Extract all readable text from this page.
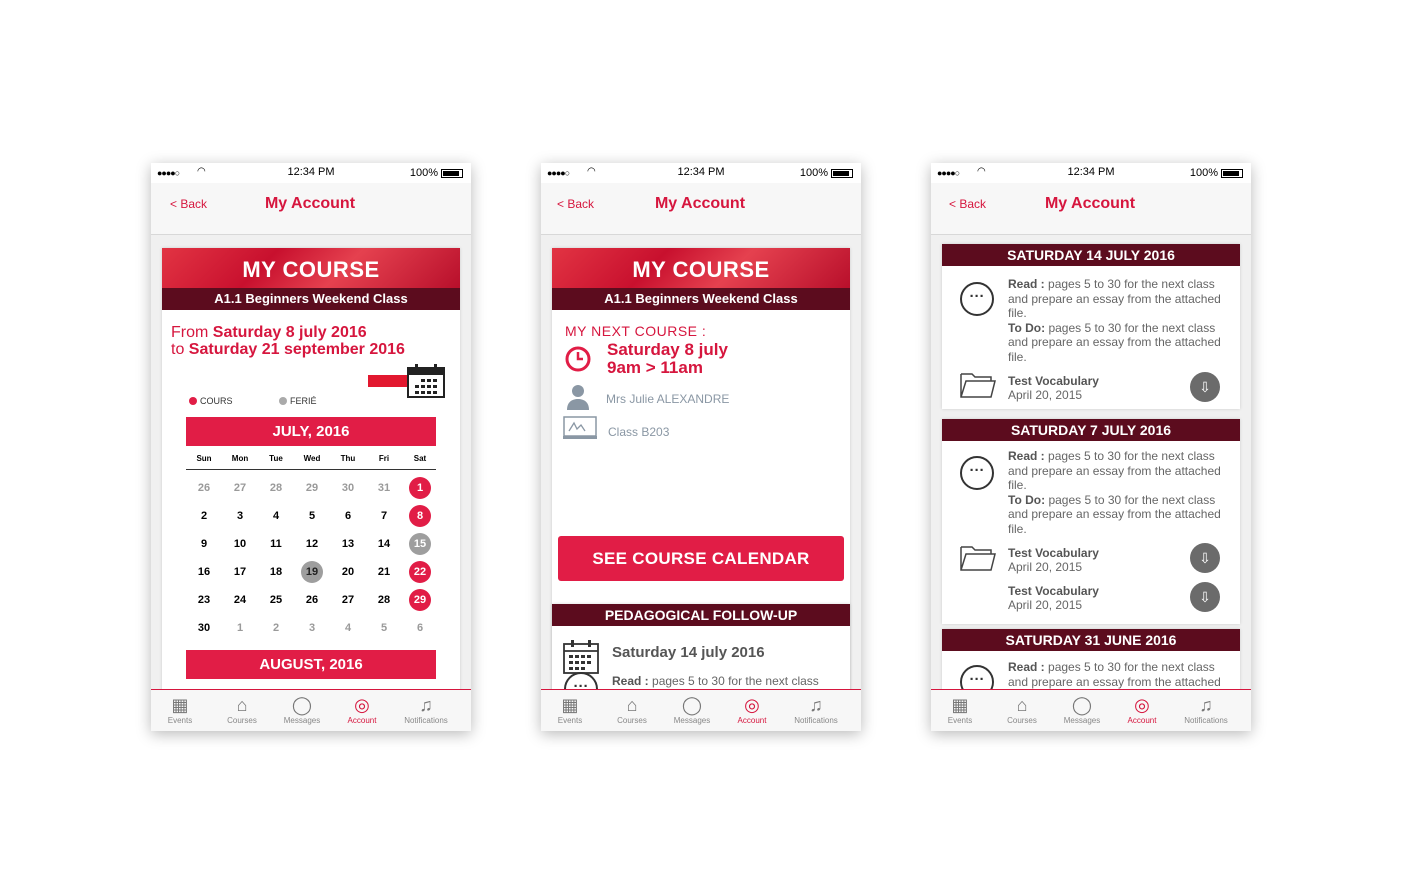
●●●●○ ◠	12:34 PM	100%
< Back	My Account
MY COURSE
A1.1 Beginners Weekend Class
From Saturday 8 july 2016
to Saturday 21 september 2016
COURS	FERIÉ
JULY, 2016
Sun	Mon	Tue	Wed	Thu	Fri	Sat
26	27	28	29	30	31	1
2	3	4	5	6	7	8
9	10	11	12	13	14	15
16	17	18	19	20	21	22
23	24	25	26	27	28	29
30	1	2	3	4	5	6
AUGUST, 2016
▦
Events
⌂
Courses
◯
Messages
◎
Account
♫
Notifications
●●●●○ ◠	12:34 PM	100%
< Back	My Account
MY COURSE
A1.1 Beginners Weekend Class
MY NEXT COURSE :
Saturday 8 july
9am > 11am
Mrs Julie ALEXANDRE
Class B203
SEE COURSE CALENDAR
PEDAGOGICAL FOLLOW-UP
Saturday 14 july 2016
···	Read : pages 5 to 30 for the next class

▦
Events
⌂
Courses
◯
Messages
◎
Account
♫
Notifications
●●●●○ ◠	12:34 PM	100%
< Back	My Account
SATURDAY 14 JULY 2016
···
Read : pages 5 to 30 for the next class and prepare an essay from the attached file.
To Do: pages 5 to 30 for the next class and prepare an essay from the attached file.
Test Vocabulary
April 20, 2015	⇩
SATURDAY 7 JULY 2016
···
Read : pages 5 to 30 for the next class and prepare an essay from the attached file.
To Do: pages 5 to 30 for the next class and prepare an essay from the attached file.
Test Vocabulary
April 20, 2015
⇩
Test Vocabulary
April 20, 2015	⇩
SATURDAY 31 JUNE 2016
···
Read : pages 5 to 30 for the next class and prepare an essay from the attached
▦
Events
⌂
Courses
◯
Messages
◎
Account
♫
Notifications
